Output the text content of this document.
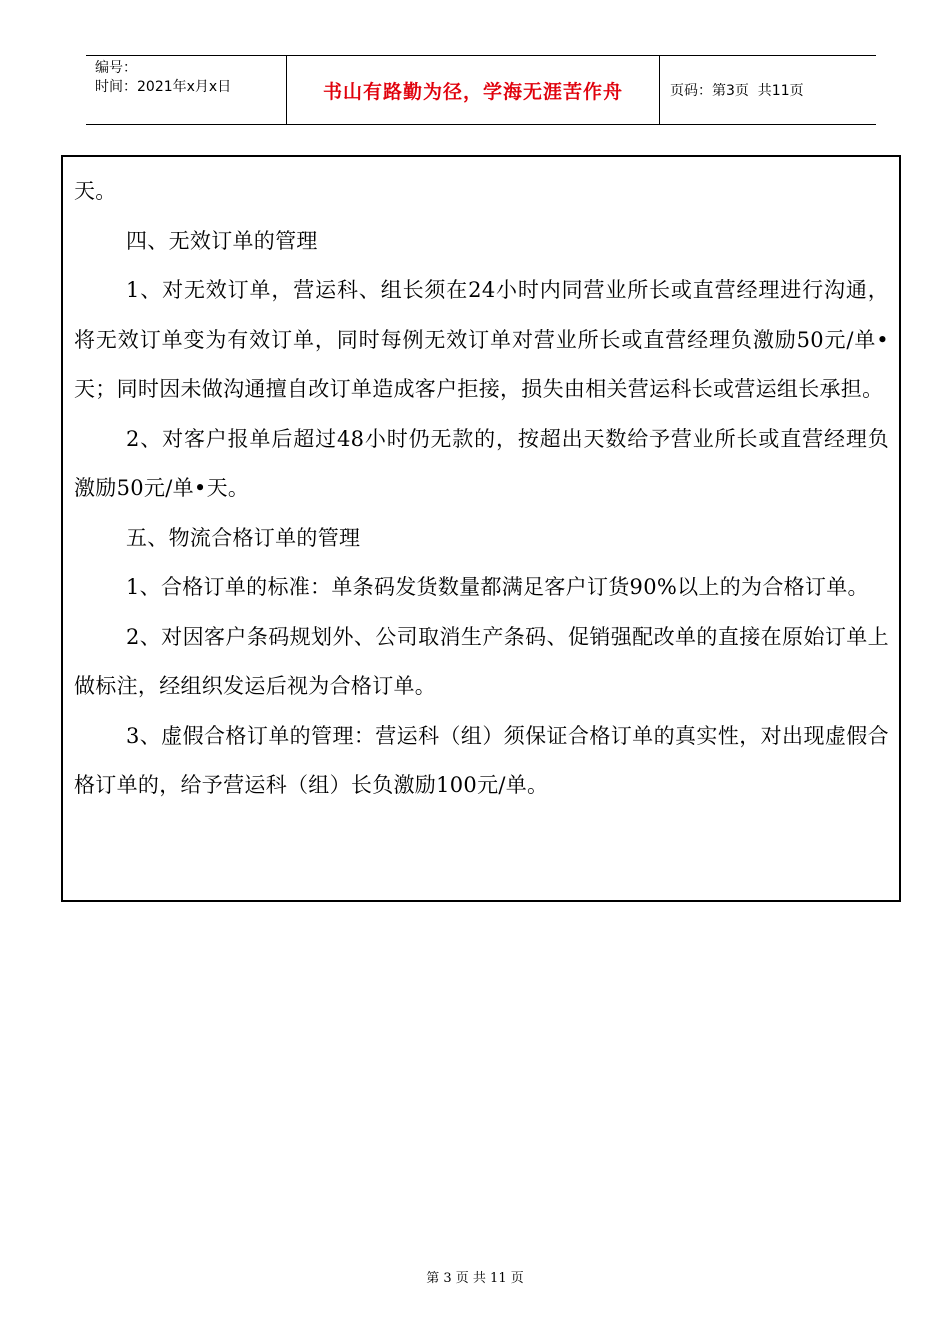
编号：
时间：2021年x月x日	书山有路勤为径，学海无涯苦作舟	页码：第3页  共11页

天。

四、无效订单的管理

1、对无效订单，营运科、组长须在24小时内同营业所长或直营经理进行沟通，将无效订单变为有效订单，同时每例无效订单对营业所长或直营经理负激励50元/单•天；同时因未做沟通擅自改订单造成客户拒接，损失由相关营运科长或营运组长承担。

2、对客户报单后超过48小时仍无款的，按超出天数给予营业所长或直营经理负激励50元/单•天。

五、物流合格订单的管理

1、合格订单的标准：单条码发货数量都满足客户订货90%以上的为合格订单。

2、对因客户条码规划外、公司取消生产条码、促销强配改单的直接在原始订单上做标注，经组织发运后视为合格订单。

3、虚假合格订单的管理：营运科（组）须保证合格订单的真实性，对出现虚假合格订单的，给予营运科（组）长负激励100元/单。

第 3 页 共 11 页
